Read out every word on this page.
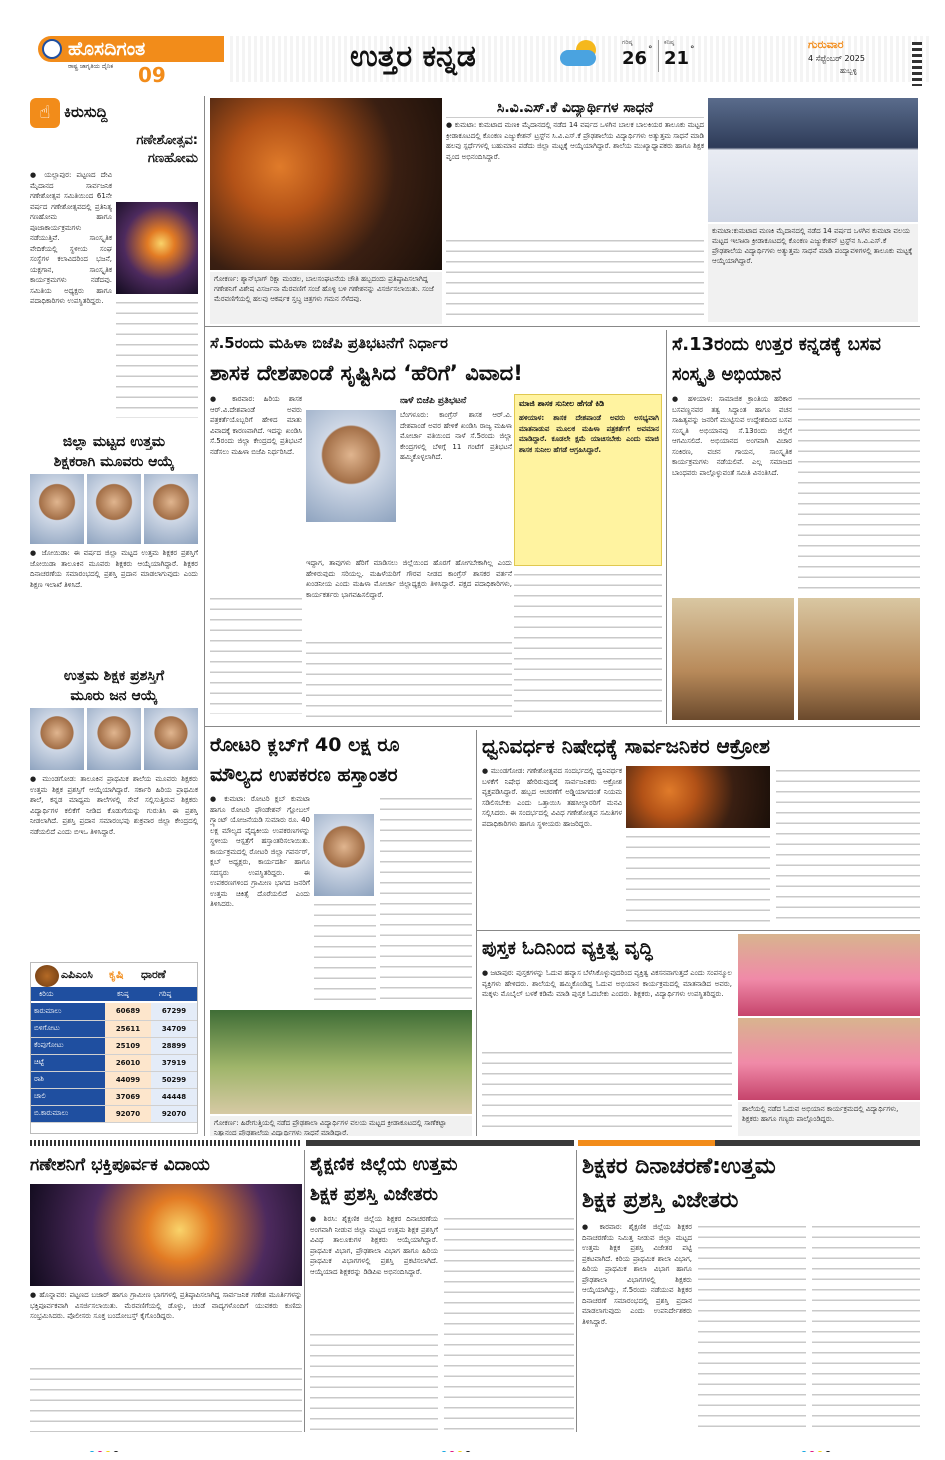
ಹೊಸದಿಗಂತ
ರಾಷ್ಟ್ರ ಜಾಗೃತಿಯ ದೈನಿಕ	09
ಉತ್ತರ ಕನ್ನಡ	ಗರಿಷ್ಠ
26 °
ಕನಿಷ್ಠ
21 °	ಗುರುವಾರ
4 ಸೆಪ್ಟೆಂಬರ್ 2025
ಹುಬ್ಬಳ್ಳಿ
☝ ಕಿರುಸುದ್ದಿ
ಗಣೇಶೋತ್ಸವ:
ಗಣಹೋಮ
● ಯಲ್ಲಾಪುರ: ಪಟ್ಟಣದ ದೇವಿ ಮೈದಾನದ ಸಾರ್ವಜನಿಕ ಗಣೇಶೋತ್ಸವ ಸಮಿತಿಯಿಂದ 61ನೇ ವರ್ಷದ ಗಣೇಶೋತ್ಸವದಲ್ಲಿ ಪ್ರತಿನಿತ್ಯ ಗಣಹೋಮ ಹಾಗೂ ಪೂಜಾಕಾರ್ಯಕ್ರಮಗಳು ನಡೆಯುತ್ತಿವೆ. ಸಾಂಸ್ಕೃತಿಕ ವೇದಿಕೆಯಲ್ಲಿ ಸ್ಥಳೀಯ ಸಂಘ ಸಂಸ್ಥೆಗಳ ಕಲಾವಿದರಿಂದ ಭಜನೆ, ಯಕ್ಷಗಾನ, ಸಾಂಸ್ಕೃತಿಕ ಕಾರ್ಯಕ್ರಮಗಳು ನಡೆದವು. ಸಮಿತಿಯ ಅಧ್ಯಕ್ಷರು ಹಾಗೂ ಪದಾಧಿಕಾರಿಗಳು ಉಪಸ್ಥಿತರಿದ್ದರು.
ಜಿಲ್ಲಾ ಮಟ್ಟದ ಉತ್ತಮ
ಶಿಕ್ಷಕರಾಗಿ ಮೂವರು ಆಯ್ಕೆ
● ಜೋಯಿಡಾ: ಈ ವರ್ಷದ ಜಿಲ್ಲಾ ಮಟ್ಟದ ಉತ್ತಮ ಶಿಕ್ಷಕರ ಪ್ರಶಸ್ತಿಗೆ ಜೋಯಿಡಾ ತಾಲೂಕಿನ ಮೂವರು ಶಿಕ್ಷಕರು ಆಯ್ಕೆಯಾಗಿದ್ದಾರೆ. ಶಿಕ್ಷಕರ ದಿನಾಚರಣೆಯ ಸಮಾರಂಭದಲ್ಲಿ ಪ್ರಶಸ್ತಿ ಪ್ರದಾನ ಮಾಡಲಾಗುವುದು ಎಂದು ಶಿಕ್ಷಣ ಇಲಾಖೆ ತಿಳಿಸಿದೆ.
ಉತ್ತಮ ಶಿಕ್ಷಕ ಪ್ರಶಸ್ತಿಗೆ
ಮೂರು ಜನ ಆಯ್ಕೆ
● ಮುಂಡಗೋಡ: ತಾಲೂಕಿನ ಪ್ರಾಥಮಿಕ ಶಾಲೆಯ ಮೂವರು ಶಿಕ್ಷಕರು ಉತ್ತಮ ಶಿಕ್ಷಕ ಪ್ರಶಸ್ತಿಗೆ ಆಯ್ಕೆಯಾಗಿದ್ದಾರೆ. ಸರ್ಕಾರಿ ಹಿರಿಯ ಪ್ರಾಥಮಿಕ ಶಾಲೆ, ಕನ್ನಡ ಮಾಧ್ಯಮ ಶಾಲೆಗಳಲ್ಲಿ ಸೇವೆ ಸಲ್ಲಿಸುತ್ತಿರುವ ಶಿಕ್ಷಕರು ವಿದ್ಯಾರ್ಥಿಗಳ ಕಲಿಕೆಗೆ ನೀಡಿದ ಕೊಡುಗೆಯನ್ನು ಗುರುತಿಸಿ ಈ ಪ್ರಶಸ್ತಿ ನೀಡಲಾಗಿದೆ. ಪ್ರಶಸ್ತಿ ಪ್ರದಾನ ಸಮಾರಂಭವು ಶುಕ್ರವಾರ ಜಿಲ್ಲಾ ಕೇಂದ್ರದಲ್ಲಿ ನಡೆಯಲಿದೆ ಎಂದು ಬಿಇಒ ತಿಳಿಸಿದ್ದಾರೆ.
ಎಪಿಎಂಸಿ	ಕೃಷಿ	ಧಾರಣೆ
ಕಿರಿಯ	ಕನಿಷ್ಠ	ಗರಿಷ್ಠ
ಕಾರುಮಾಲು	60689	67299
ಬಿಳಿಗೋಟು	25611	34709
ಕೆಂಪುಗೋಟು	25109	28899
ಚಿಟ್ಟೆ	26010	37919
ರಾಶಿ	44099	50299
ಚಾಲಿ	37069	44448
ಬಿ.ಕಾರುಮಾಲು	92070	92070
ಗೋಕರ್ಣ: ಶ್ಯಾನ್‌ಭಾಗ್ ರಿಕ್ಷಾ ಮಂಡಲ, ಬಾಲಸಂಘಟನೆಯ ಚೌತಿ ಹಬ್ಬದಂದು ಪ್ರತಿಷ್ಠಾಪಿಸಲಾಗಿದ್ದ ಗಣೇಶನಿಗೆ ವಿಶೇಷ ವಿಸರ್ಜನಾ ಮೆರವಣಿಗೆ ಸಂಜೆ ಹೊಳ್ಳಿ ಬಳಿ ಗಣೇಶನನ್ನು ವಿಸರ್ಜಿಸಲಾಯಿತು. ಸಂಜೆ ಮೆರವಣಿಗೆಯಲ್ಲಿ ಹಲವು ಆಕರ್ಷಕ ಸ್ತಬ್ಧ ಚಿತ್ರಗಳು ಗಮನ ಸೆಳೆದವು.
ಸಿ.ವಿ.ಎಸ್.ಕೆ ವಿದ್ಯಾರ್ಥಿಗಳ ಸಾಧನೆ
● ಕುಮಟಾ: ಕುಮಟಾದ ಮಣಕಿ ಮೈದಾನದಲ್ಲಿ ನಡೆದ 14 ವರ್ಷದ ಒಳಗಿನ ಬಾಲಕ ಬಾಲಕಿಯರ ತಾಲೂಕು ಮಟ್ಟದ ಕ್ರೀಡಾಕೂಟದಲ್ಲಿ ಕೊಂಕಣ ಎಜ್ಯುಕೇಶನ್ ಟ್ರಸ್ಟ್‌ನ ಸಿ.ವಿ.ಎಸ್.ಕೆ ಪ್ರೌಢಶಾಲೆಯ ವಿದ್ಯಾರ್ಥಿಗಳು ಅತ್ಯುತ್ತಮ ಸಾಧನೆ ಮಾಡಿ ಹಲವು ಸ್ಪರ್ಧೆಗಳಲ್ಲಿ ಬಹುಮಾನ ಪಡೆದು ಜಿಲ್ಲಾ ಮಟ್ಟಕ್ಕೆ ಆಯ್ಕೆಯಾಗಿದ್ದಾರೆ. ಶಾಲೆಯ ಮುಖ್ಯಾಧ್ಯಾಪಕರು ಹಾಗೂ ಶಿಕ್ಷಕ ವೃಂದ ಅಭಿನಂದಿಸಿದ್ದಾರೆ.
ಕುಮಟಾ:ಕುಮಟಾದ ಮಣಕಿ ಮೈದಾನದಲ್ಲಿ ನಡೆದ 14 ವರ್ಷದ ಒಳಗಿನ ಕುಮಟಾ ವಲಯ ಮಟ್ಟದ ಇಲಾಖಾ ಕ್ರೀಡಾಕೂಟದಲ್ಲಿ ಕೊಂಕಣ ಎಜ್ಯುಕೇಶನ್ ಟ್ರಸ್ಟ್‌ನ ಸಿ.ವಿ.ಎಸ್.ಕೆ ಪ್ರೌಢಶಾಲೆಯ ವಿದ್ಯಾರ್ಥಿಗಳು ಅತ್ಯುತ್ತಮ ಸಾಧನೆ ಮಾಡಿ ಪಂದ್ಯಾವಳಿಗಳಲ್ಲಿ ತಾಲೂಕು ಮಟ್ಟಕ್ಕೆ ಆಯ್ಕೆಯಾಗಿದ್ದಾರೆ.
ಸೆ.5ರಂದು ಮಹಿಳಾ ಬಿಜೆಪಿ ಪ್ರತಿಭಟನೆಗೆ ನಿರ್ಧಾರ
ಶಾಸಕ ದೇಶಪಾಂಡೆ ಸೃಷ್ಟಿಸಿದ ‘ಹೆರಿಗೆ’ ವಿವಾದ!
● ಕಾರವಾರ: ಹಿರಿಯ ಶಾಸಕ ಆರ್.ವಿ.ದೇಶಪಾಂಡೆ ಅವರು ಪತ್ರಕರ್ತೆಯೊಬ್ಬರಿಗೆ ಹೇಳಿದ ಮಾತು ವಿವಾದಕ್ಕೆ ಕಾರಣವಾಗಿದೆ. ಇದನ್ನು ಖಂಡಿಸಿ ಸೆ.5ರಂದು ಜಿಲ್ಲಾ ಕೇಂದ್ರದಲ್ಲಿ ಪ್ರತಿಭಟನೆ ನಡೆಸಲು ಮಹಿಳಾ ಬಿಜೆಪಿ ನಿರ್ಧರಿಸಿದೆ.
ನಾಳೆ ಬಿಜೆಪಿ ಪ್ರತಿಭಟನೆ
ಬೆಂಗಳೂರು: ಕಾಂಗ್ರೆಸ್ ಶಾಸಕ ಆರ್.ವಿ. ದೇಶಪಾಂಡೆ ಅವರ ಹೇಳಿಕೆ ಖಂಡಿಸಿ ರಾಜ್ಯ ಮಹಿಳಾ ಮೋರ್ಚಾ ವತಿಯಿಂದ ನಾಳೆ ಸೆ.5ರಂದು ಜಿಲ್ಲಾ ಕೇಂದ್ರಗಳಲ್ಲಿ ಬೆಳಿಗ್ಗೆ 11 ಗಂಟೆಗೆ ಪ್ರತಿಭಟನೆ ಹಮ್ಮಿಕೊಳ್ಳಲಾಗಿದೆ.
ಮಾಜಿ ಶಾಸಕ ಸುನೀಲ ಹೆಗಡೆ ಕಿಡಿ
ಹಳಿಯಾಳ: ಶಾಸಕ ದೇಶಪಾಂಡೆ ಅವರು ಅಸಭ್ಯವಾಗಿ ಮಾತನಾಡುವ ಮೂಲಕ ಮಹಿಳಾ ಪತ್ರಕರ್ತೆಗೆ ಅವಮಾನ ಮಾಡಿದ್ದಾರೆ. ಕೂಡಲೇ ಕ್ಷಮೆ ಯಾಚಿಸಬೇಕು ಎಂದು ಮಾಜಿ ಶಾಸಕ ಸುನೀಲ ಹೆಗಡೆ ಆಗ್ರಹಿಸಿದ್ದಾರೆ.
ಇದ್ದಾಗ, ತಾವುಗಳು ಹೆರಿಗೆ ಮಾಡಿಸಲು ಜಿಲ್ಲೆಯಿಂದ ಹೊರಗೆ ಹೋಗಬೇಕಾಗಿಲ್ಲ ಎಂದು ಹೇಳಿರುವುದು ಸರಿಯಲ್ಲ. ಮಹಿಳೆಯರಿಗೆ ಗೌರವ ನೀಡದ ಕಾಂಗ್ರೆಸ್ ಶಾಸಕರ ವರ್ತನೆ ಖಂಡನೀಯ ಎಂದು ಮಹಿಳಾ ಮೋರ್ಚಾ ಜಿಲ್ಲಾಧ್ಯಕ್ಷರು ತಿಳಿಸಿದ್ದಾರೆ. ಪಕ್ಷದ ಪದಾಧಿಕಾರಿಗಳು, ಕಾರ್ಯಕರ್ತರು ಭಾಗವಹಿಸಲಿದ್ದಾರೆ.
ಸೆ.13ರಂದು ಉತ್ತರ ಕನ್ನಡಕ್ಕೆ ಬಸವ ಸಂಸ್ಕೃತಿ ಅಭಿಯಾನ
● ಹಳಿಯಾಳ: ಸಾಮಾಜಿಕ ಕ್ರಾಂತಿಯ ಹರಿಕಾರ ಬಸವಣ್ಣನವರ ತತ್ವ ಸಿದ್ಧಾಂತ ಹಾಗೂ ವಚನ ಸಾಹಿತ್ಯವನ್ನು ಜನರಿಗೆ ಮುಟ್ಟಿಸುವ ಉದ್ದೇಶದಿಂದ ಬಸವ ಸಂಸ್ಕೃತಿ ಅಭಿಯಾನವು ಸೆ.13ರಂದು ಜಿಲ್ಲೆಗೆ ಆಗಮಿಸಲಿದೆ. ಅಭಿಯಾನದ ಅಂಗವಾಗಿ ವಿಚಾರ ಸಂಕಿರಣ, ವಚನ ಗಾಯನ, ಸಾಂಸ್ಕೃತಿಕ ಕಾರ್ಯಕ್ರಮಗಳು ನಡೆಯಲಿವೆ. ಎಲ್ಲ ಸಮಾಜದ ಬಾಂಧವರು ಪಾಲ್ಗೊಳ್ಳುವಂತೆ ಸಮಿತಿ ವಿನಂತಿಸಿದೆ.
ರೋಟರಿ ಕ್ಲಬ್‌ಗೆ 40 ಲಕ್ಷ ರೂ
ಮೌಲ್ಯದ ಉಪಕರಣ ಹಸ್ತಾಂತರ
● ಕುಮಟಾ: ರೋಟರಿ ಕ್ಲಬ್ ಕುಮಟಾ ಹಾಗೂ ರೋಟರಿ ಫೌಂಡೇಶನ್ ಗ್ಲೋಬಲ್ ಗ್ರ್ಯಾಂಟ್ ಯೋಜನೆಯಡಿ ಸುಮಾರು ರೂ. 40 ಲಕ್ಷ ಮೌಲ್ಯದ ವೈದ್ಯಕೀಯ ಉಪಕರಣಗಳನ್ನು ಸ್ಥಳೀಯ ಆಸ್ಪತ್ರೆಗೆ ಹಸ್ತಾಂತರಿಸಲಾಯಿತು. ಕಾರ್ಯಕ್ರಮದಲ್ಲಿ ರೋಟರಿ ಜಿಲ್ಲಾ ಗವರ್ನರ್, ಕ್ಲಬ್ ಅಧ್ಯಕ್ಷರು, ಕಾರ್ಯದರ್ಶಿ ಹಾಗೂ ಸದಸ್ಯರು ಉಪಸ್ಥಿತರಿದ್ದರು. ಈ ಉಪಕರಣಗಳಿಂದ ಗ್ರಾಮೀಣ ಭಾಗದ ಜನರಿಗೆ ಉತ್ತಮ ಚಿಕಿತ್ಸೆ ದೊರೆಯಲಿದೆ ಎಂದು ತಿಳಿಸಿದರು.
ಗೋಕರ್ಣ: ಹಿರೇಗುತ್ತಿಯಲ್ಲಿ ನಡೆದ ಪ್ರೌಢಶಾಲಾ ವಿದ್ಯಾರ್ಥಿಗಳ ವಲಯ ಮಟ್ಟದ ಕ್ರೀಡಾಕೂಟದಲ್ಲಿ ಸಾಣೆಕಟ್ಟಾ ನಿತ್ಯಾನಂದ ಪ್ರೌಢಶಾಲೆಯ ವಿದ್ಯಾರ್ಥಿಗಳು ಸಾಧನೆ ಮಾಡಿದ್ದಾರೆ.
ಧ್ವನಿವರ್ಧಕ ನಿಷೇಧಕ್ಕೆ ಸಾರ್ವಜನಿಕರ ಆಕ್ರೋಶ
● ಮುಂಡಗೋಡ: ಗಣೇಶೋತ್ಸವದ ಸಂದರ್ಭದಲ್ಲಿ ಧ್ವನಿವರ್ಧಕ ಬಳಕೆಗೆ ನಿಷೇಧ ಹೇರಿರುವುದಕ್ಕೆ ಸಾರ್ವಜನಿಕರು ಆಕ್ರೋಶ ವ್ಯಕ್ತಪಡಿಸಿದ್ದಾರೆ. ಹಬ್ಬದ ಆಚರಣೆಗೆ ಅಡ್ಡಿಯಾಗದಂತೆ ನಿಯಮ ಸಡಿಲಿಸಬೇಕು ಎಂದು ಒತ್ತಾಯಿಸಿ ತಹಸೀಲ್ದಾರರಿಗೆ ಮನವಿ ಸಲ್ಲಿಸಿದರು. ಈ ಸಂದರ್ಭದಲ್ಲಿ ವಿವಿಧ ಗಣೇಶೋತ್ಸವ ಸಮಿತಿಗಳ ಪದಾಧಿಕಾರಿಗಳು ಹಾಗೂ ಸ್ಥಳೀಯರು ಹಾಜರಿದ್ದರು.
ಪುಸ್ತಕ ಓದಿನಿಂದ ವ್ಯಕ್ತಿತ್ವ ವೃದ್ಧಿ
● ಜಟಾಪುರ: ಪುಸ್ತಕಗಳನ್ನು ಓದುವ ಹವ್ಯಾಸ ಬೆಳೆಸಿಕೊಳ್ಳುವುದರಿಂದ ವ್ಯಕ್ತಿತ್ವ ವಿಕಸನವಾಗುತ್ತದೆ ಎಂದು ಸಂಪನ್ಮೂಲ ವ್ಯಕ್ತಿಗಳು ಹೇಳಿದರು. ಶಾಲೆಯಲ್ಲಿ ಹಮ್ಮಿಕೊಂಡಿದ್ದ ಓದುವ ಅಭಿಯಾನ ಕಾರ್ಯಕ್ರಮದಲ್ಲಿ ಮಾತನಾಡಿದ ಅವರು, ಮಕ್ಕಳು ಮೊಬೈಲ್ ಬಳಕೆ ಕಡಿಮೆ ಮಾಡಿ ಪುಸ್ತಕ ಓದಬೇಕು ಎಂದರು. ಶಿಕ್ಷಕರು, ವಿದ್ಯಾರ್ಥಿಗಳು ಉಪಸ್ಥಿತರಿದ್ದರು.
ಶಾಲೆಯಲ್ಲಿ ನಡೆದ ಓದುವ ಅಭಿಯಾನ ಕಾರ್ಯಕ್ರಮದಲ್ಲಿ ವಿದ್ಯಾರ್ಥಿಗಳು, ಶಿಕ್ಷಕರು ಹಾಗೂ ಗಣ್ಯರು ಪಾಲ್ಗೊಂಡಿದ್ದರು.
ಗಣೇಶನಿಗೆ ಭಕ್ತಿಪೂರ್ವಕ ವಿದಾಯ
● ಹೊನ್ನಾವರ: ಪಟ್ಟಣದ ಬಜಾರ್ ಹಾಗೂ ಗ್ರಾಮೀಣ ಭಾಗಗಳಲ್ಲಿ ಪ್ರತಿಷ್ಠಾಪಿಸಲಾಗಿದ್ದ ಸಾರ್ವಜನಿಕ ಗಣೇಶ ಮೂರ್ತಿಗಳನ್ನು ಭಕ್ತಿಪೂರ್ವಕವಾಗಿ ವಿಸರ್ಜಿಸಲಾಯಿತು. ಮೆರವಣಿಗೆಯಲ್ಲಿ ಡೊಳ್ಳು, ಚಂಡೆ ವಾದ್ಯಗಳೊಂದಿಗೆ ಯುವಕರು ಕುಣಿದು ಸಂಭ್ರಮಿಸಿದರು. ಪೊಲೀಸರು ಸೂಕ್ತ ಬಂದೋಬಸ್ತ್ ಕೈಗೊಂಡಿದ್ದರು.
ಶೈಕ್ಷಣಿಕ ಜಿಲ್ಲೆಯ ಉತ್ತಮ
ಶಿಕ್ಷಕ ಪ್ರಶಸ್ತಿ ವಿಜೇತರು
● ಶಿರಸಿ: ಶೈಕ್ಷಣಿಕ ಜಿಲ್ಲೆಯ ಶಿಕ್ಷಕರ ದಿನಾಚರಣೆಯ ಅಂಗವಾಗಿ ನೀಡುವ ಜಿಲ್ಲಾ ಮಟ್ಟದ ಉತ್ತಮ ಶಿಕ್ಷಕ ಪ್ರಶಸ್ತಿಗೆ ವಿವಿಧ ತಾಲೂಕುಗಳ ಶಿಕ್ಷಕರು ಆಯ್ಕೆಯಾಗಿದ್ದಾರೆ. ಪ್ರಾಥಮಿಕ ವಿಭಾಗ, ಪ್ರೌಢಶಾಲಾ ವಿಭಾಗ ಹಾಗೂ ಹಿರಿಯ ಪ್ರಾಥಮಿಕ ವಿಭಾಗಗಳಲ್ಲಿ ಪ್ರಶಸ್ತಿ ಪ್ರಕಟಿಸಲಾಗಿದೆ. ಆಯ್ಕೆಯಾದ ಶಿಕ್ಷಕರನ್ನು ಡಿಡಿಪಿಐ ಅಭಿನಂದಿಸಿದ್ದಾರೆ.
ಶಿಕ್ಷಕರ ದಿನಾಚರಣೆ:ಉತ್ತಮ
ಶಿಕ್ಷಕ ಪ್ರಶಸ್ತಿ ವಿಜೇತರು
● ಕಾರವಾರ: ಶೈಕ್ಷಣಿಕ ಜಿಲ್ಲೆಯ ಶಿಕ್ಷಕರ ದಿನಾಚರಣೆಯ ನಿಮಿತ್ತ ನೀಡುವ ಜಿಲ್ಲಾ ಮಟ್ಟದ ಉತ್ತಮ ಶಿಕ್ಷಕ ಪ್ರಶಸ್ತಿ ವಿಜೇತರ ಪಟ್ಟಿ ಪ್ರಕಟವಾಗಿದೆ. ಕಿರಿಯ ಪ್ರಾಥಮಿಕ ಶಾಲಾ ವಿಭಾಗ, ಹಿರಿಯ ಪ್ರಾಥಮಿಕ ಶಾಲಾ ವಿಭಾಗ ಹಾಗೂ ಪ್ರೌಢಶಾಲಾ ವಿಭಾಗಗಳಲ್ಲಿ ಶಿಕ್ಷಕರು ಆಯ್ಕೆಯಾಗಿದ್ದು, ಸೆ.5ರಂದು ನಡೆಯುವ ಶಿಕ್ಷಕರ ದಿನಾಚರಣೆ ಸಮಾರಂಭದಲ್ಲಿ ಪ್ರಶಸ್ತಿ ಪ್ರದಾನ ಮಾಡಲಾಗುವುದು ಎಂದು ಉಪನಿರ್ದೇಶಕರು ತಿಳಿಸಿದ್ದಾರೆ.
